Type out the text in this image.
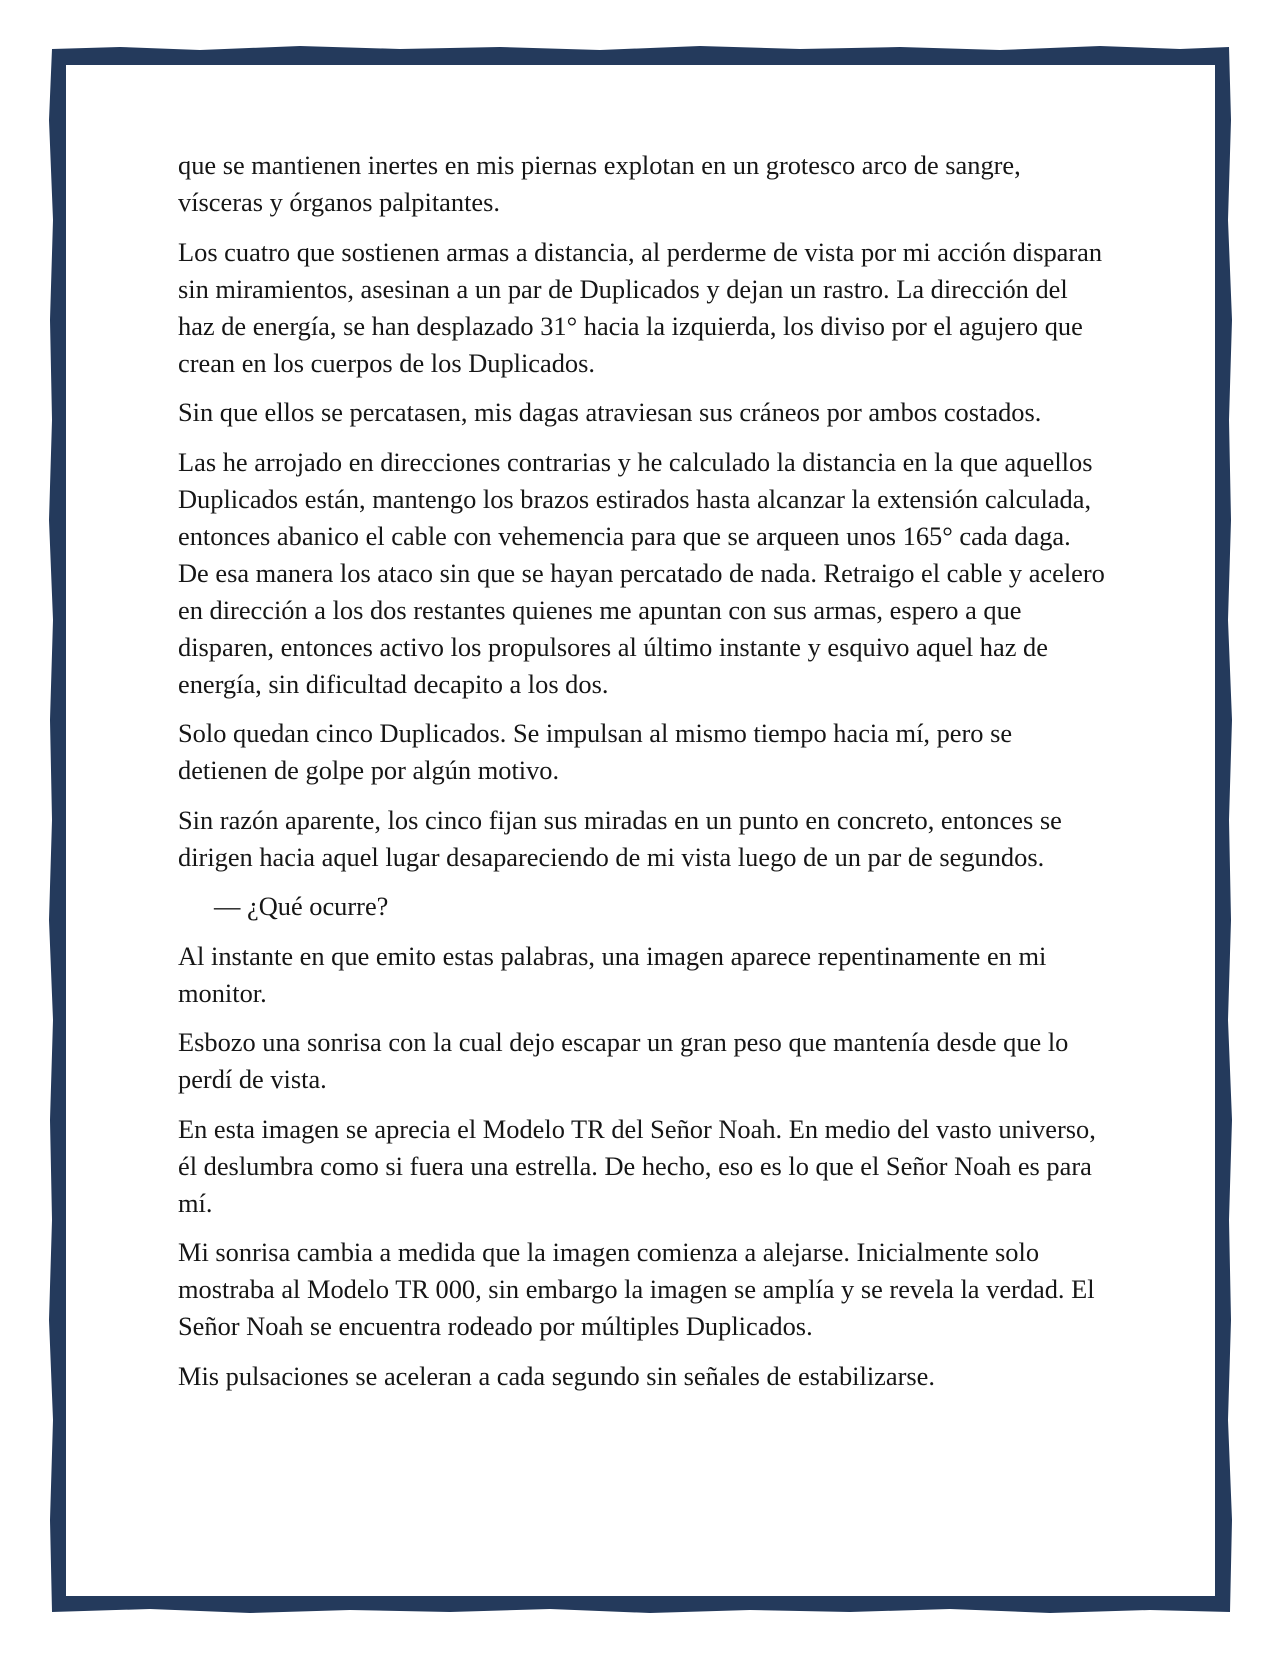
que se mantienen inertes en mis piernas explotan en un grotesco arco de sangre, vísceras y órganos palpitantes.

Los cuatro que sostienen armas a distancia, al perderme de vista por mi acción disparan sin miramientos, asesinan a un par de Duplicados y dejan un rastro. La dirección del haz de energía, se han desplazado 31° hacia la izquierda, los diviso por el agujero que crean en los cuerpos de los Duplicados.

Sin que ellos se percatasen, mis dagas atraviesan sus cráneos por ambos costados.

Las he arrojado en direcciones contrarias y he calculado la distancia en la que aquellos Duplicados están, mantengo los brazos estirados hasta alcanzar la extensión calculada, entonces abanico el cable con vehemencia para que se arqueen unos 165° cada daga. De esa manera los ataco sin que se hayan percatado de nada. Retraigo el cable y acelero en dirección a los dos restantes quienes me apuntan con sus armas, espero a que disparen, entonces activo los propulsores al último instante y esquivo aquel haz de energía, sin dificultad decapito a los dos.

Solo quedan cinco Duplicados. Se impulsan al mismo tiempo hacia mí, pero se detienen de golpe por algún motivo.

Sin razón aparente, los cinco fijan sus miradas en un punto en concreto, entonces se dirigen hacia aquel lugar desapareciendo de mi vista luego de un par de segundos.

— ¿Qué ocurre?

Al instante en que emito estas palabras, una imagen aparece repentinamente en mi monitor.

Esbozo una sonrisa con la cual dejo escapar un gran peso que mantenía desde que lo perdí de vista.

En esta imagen se aprecia el Modelo TR del Señor Noah. En medio del vasto universo, él deslumbra como si fuera una estrella. De hecho, eso es lo que el Señor Noah es para mí.

Mi sonrisa cambia a medida que la imagen comienza a alejarse. Inicialmente solo mostraba al Modelo TR 000, sin embargo la imagen se amplía y se revela la verdad. El Señor Noah se encuentra rodeado por múltiples Duplicados.

Mis pulsaciones se aceleran a cada segundo sin señales de estabilizarse.
